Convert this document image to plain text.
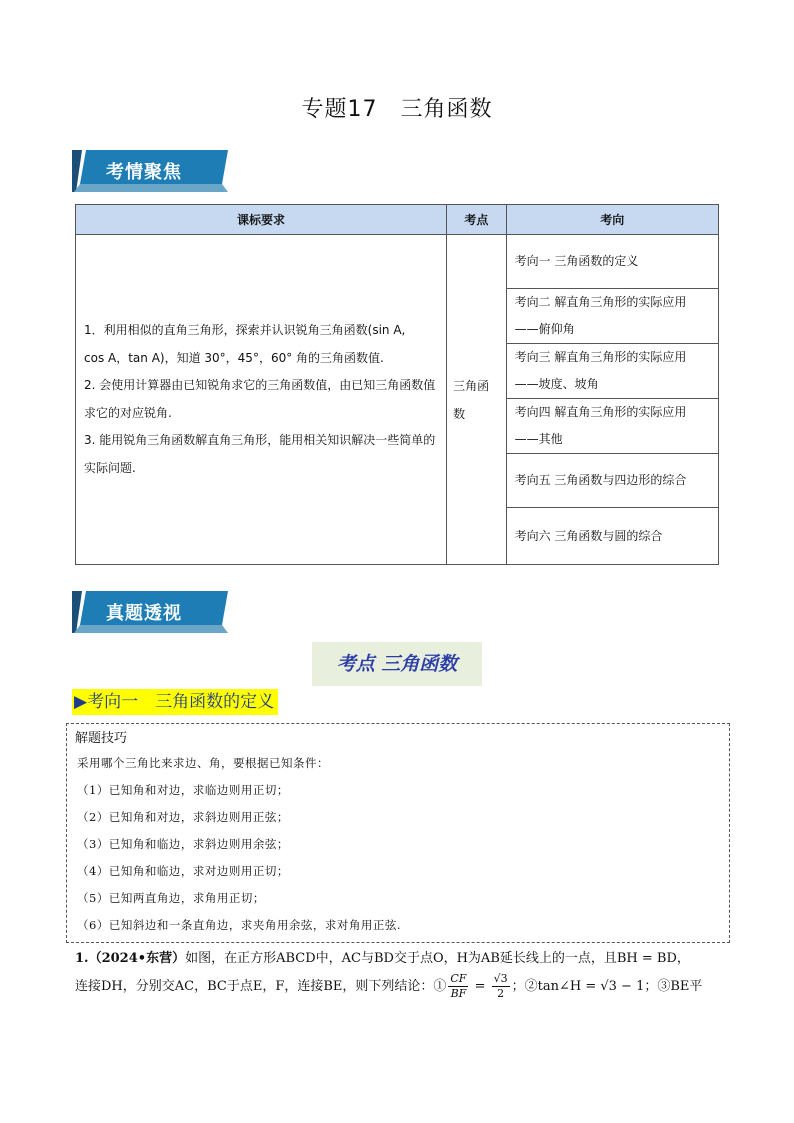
专题17　三角函数
考情聚焦
课标要求	考点	考向

1．利用相似的直角三角形，探索并认识锐角三角函数(sin A,
cos A，tan A)，知道 30°，45°，60° 角的三角函数值.
2. 会使用计算器由已知锐角求它的三角函数值，由已知三角函数值求它的对应锐角.
3. 能用锐角三角函数解直角三角形，能用相关知识解决一些简单的实际问题.	三角函数	考向一 三角函数的定义
		考向二 解直角三角形的实际应用——俯仰角
		考向三 解直角三角形的实际应用——坡度、坡角
		考向四 解直角三角形的实际应用——其他
		考向五 三角函数与四边形的综合
		考向六 三角函数与圆的综合
真题透视
考点 三角函数
▶考向一　三角函数的定义
解题技巧
采用哪个三角比来求边、角，要根据已知条件：
（1）已知角和对边，求临边则用正切；
（2）已知角和对边，求斜边则用正弦；
（3）已知角和临边，求斜边则用余弦；
（4）已知角和临边，求对边则用正切；
（5）已知两直角边，求角用正切；
（6）已知斜边和一条直角边，求夹角用余弦，求对角用正弦.
1.（2024•东营）如图，在正方形ABCD中，AC与BD交于点O，H为AB延长线上的一点，且BH = BD，
连接DH，分别交AC，BC于点E，F，连接BE，则下列结论：① $\frac{CF}{BF} = \frac{√3}{2}$ ；②tan∠H = √3 − 1；③BE平
